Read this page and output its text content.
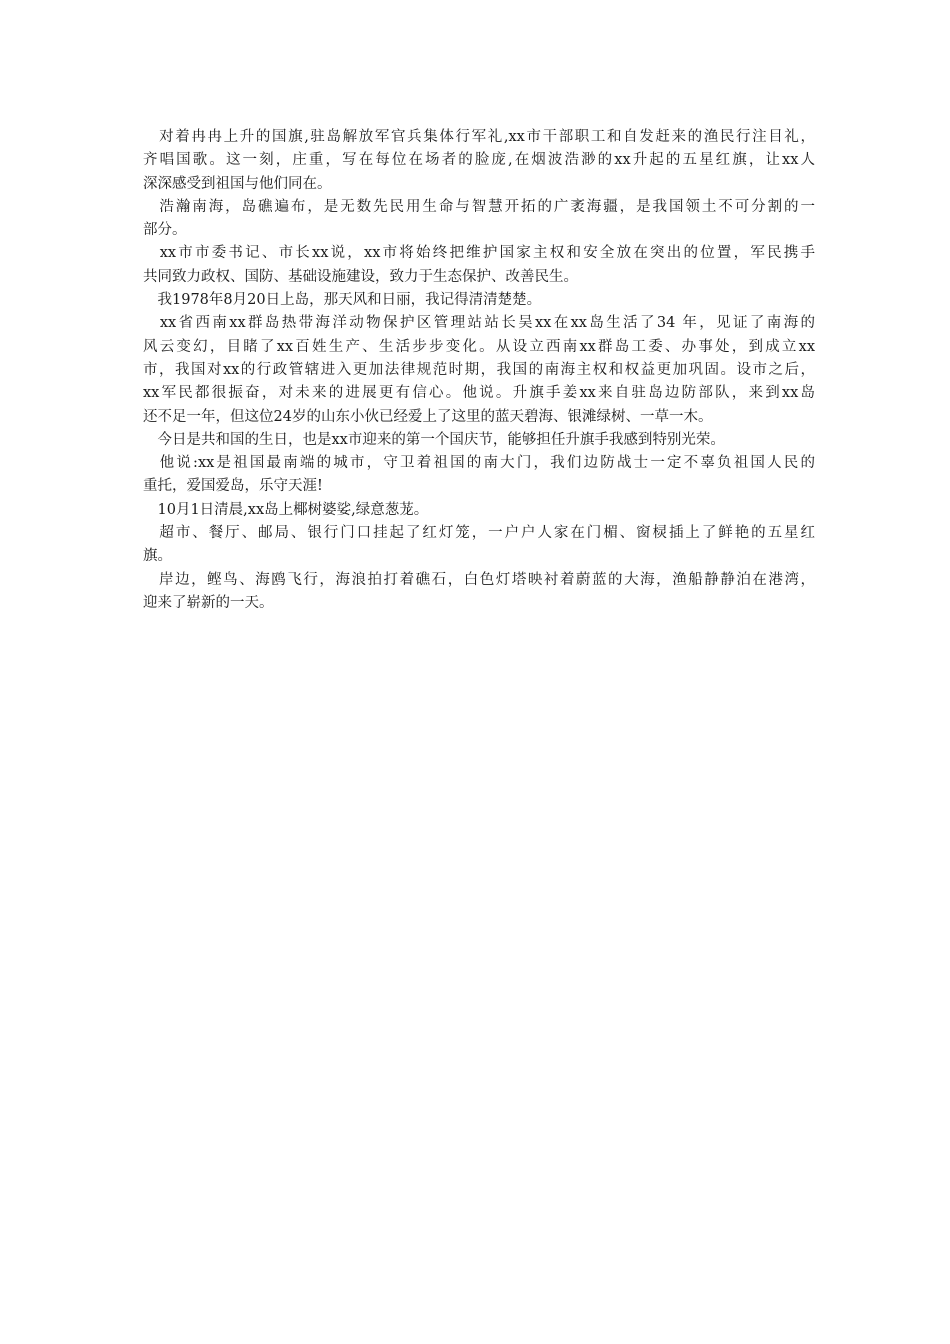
　对着冉冉上升的国旗,驻岛解放军官兵集体行军礼,xx市干部职工和自发赶来的渔民行注目礼，
齐唱国歌。这一刻，庄重，写在每位在场者的脸庞,在烟波浩渺的xx升起的五星红旗，让xx人
深深感受到祖国与他们同在。

　浩瀚南海，岛礁遍布，是无数先民用生命与智慧开拓的广袤海疆，是我国领土不可分割的一
部分。

　xx市市委书记、市长xx说，xx市将始终把维护国家主权和安全放在突出的位置，军民携手
共同致力政权、国防、基础设施建设，致力于生态保护、改善民生。

　我1978年8月20日上岛，那天风和日丽，我记得清清楚楚。

　xx省西南xx群岛热带海洋动物保护区管理站站长吴xx在xx岛生活了34 年，见证了南海的
风云变幻，目睹了xx百姓生产、生活步步变化。从设立西南xx群岛工委、办事处，到成立xx
市，我国对xx的行政管辖进入更加法律规范时期，我国的南海主权和权益更加巩固。设市之后，
xx军民都很振奋，对未来的进展更有信心。他说。升旗手姜xx来自驻岛边防部队，来到xx岛
还不足一年，但这位24岁的山东小伙已经爱上了这里的蓝天碧海、银滩绿树、一草一木。

　今日是共和国的生日，也是xx市迎来的第一个国庆节，能够担任升旗手我感到特别光荣。

　他说:xx是祖国最南端的城市，守卫着祖国的南大门，我们边防战士一定不辜负祖国人民的
重托，爱国爱岛，乐守天涯!

　10月1日清晨,xx岛上椰树婆娑,绿意葱茏。

　超市、餐厅、邮局、银行门口挂起了红灯笼，一户户人家在门楣、窗棂插上了鲜艳的五星红
旗。

　岸边，鲣鸟、海鸥飞行，海浪拍打着礁石，白色灯塔映衬着蔚蓝的大海，渔船静静泊在港湾，
迎来了崭新的一天。
